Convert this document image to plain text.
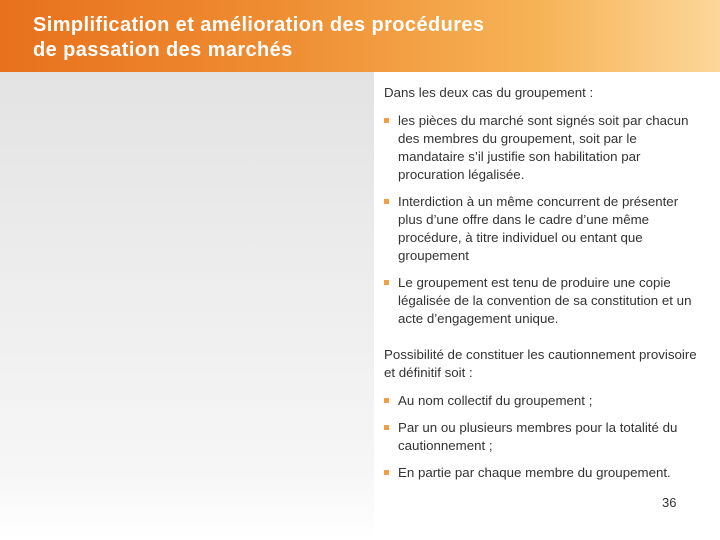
Simplification et amélioration des procédures
de passation des marchés

Dans les deux cas du groupement :

les pièces du marché sont signés soit par chacun des membres du groupement, soit par le mandataire s’il justifie son habilitation par procuration légalisée.
Interdiction à un même concurrent de présenter plus d’une offre dans le cadre d’une même procédure, à titre individuel ou entant que groupement
Le groupement est tenu de produire une copie légalisée de la convention de sa constitution et un acte d’engagement unique.

Possibilité de constituer les cautionnement provisoire et définitif soit :

Au nom collectif du groupement ;
Par un ou plusieurs membres pour la totalité du cautionnement ;
En partie par chaque membre du groupement.
36
